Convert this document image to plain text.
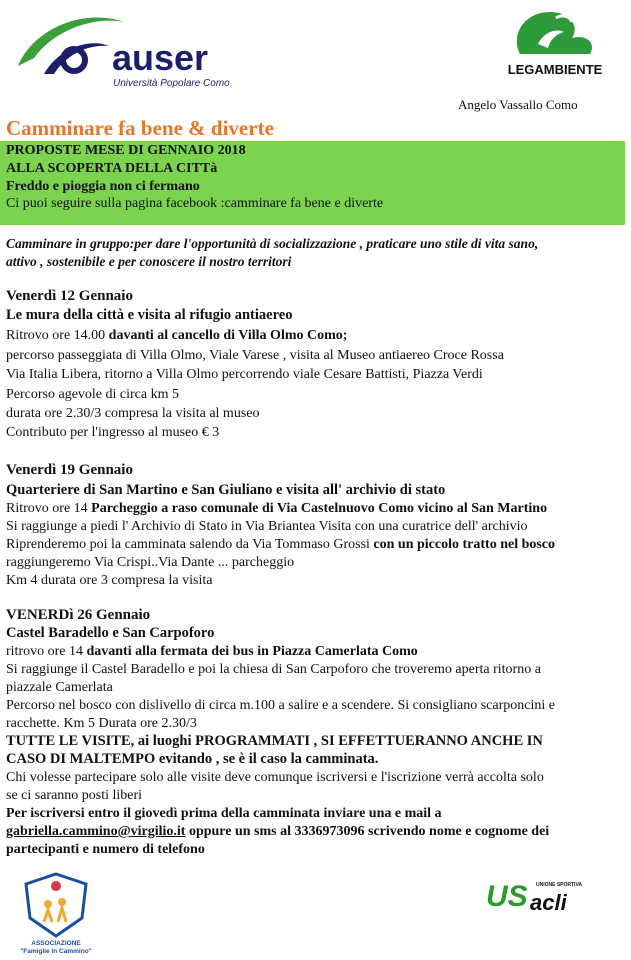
auser
Università Popolare Como
LEGAMBIENTE
Angelo Vassallo Como
Camminare fa bene & diverte
PROPOSTE MESE DI GENNAIO 2018
ALLA SCOPERTA DELLA CITTà
Freddo e pioggia non ci fermano
Ci puoi seguire sulla pagina facebook :camminare fa bene e diverte
Camminare in gruppo:per dare l'opportunità di socializzazione , praticare uno stile di vita sano,
attivo , sostenibile e per conoscere il nostro territori
Venerdì 12 Gennaio
Le mura della città e visita al rifugio antiaereo
Ritrovo ore 14.00 davanti al cancello di Villa Olmo Como;
percorso passeggiata di Villa Olmo, Viale Varese , visita al Museo antiaereo Croce Rossa
Via Italia Libera, ritorno a Villa Olmo percorrendo viale Cesare Battisti, Piazza Verdi
Percorso agevole di circa km 5
durata ore 2.30/3 compresa la visita al museo
Contributo per l'ingresso al museo € 3
Venerdì 19 Gennaio
Quarteriere di San Martino e San Giuliano e visita all' archivio di stato
Ritrovo ore 14 Parcheggio a raso comunale di Via Castelnuovo Como vicino al San Martino
Si raggiunge a piedi l' Archivio di Stato in Via Briantea Visita con una curatrice dell' archivio
Riprenderemo poi la camminata salendo da Via Tommaso Grossi con un piccolo tratto nel bosco
raggiungeremo Via Crispi..Via Dante ... parcheggio
Km 4 durata ore 3 compresa la visita
VENERDì 26 Gennaio
Castel Baradello e San Carpoforo
ritrovo ore 14 davanti alla fermata dei bus in Piazza Camerlata Como
Si raggiunge il Castel Baradello e poi la chiesa di San Carpoforo che troveremo aperta ritorno a
piazzale Camerlata
Percorso nel bosco con dislivello di circa m.100 a salire e a scendere. Si consigliano scarponcini e
racchette. Km 5 Durata ore 2.30/3
TUTTE LE VISITE, ai luoghi PROGRAMMATI , SI EFFETTUERANNO ANCHE IN
CASO DI MALTEMPO evitando , se è il caso la camminata.
Chi volesse partecipare solo alle visite deve comunque iscriversi e l'iscrizione verrà accolta solo
se ci saranno posti liberi
Per iscriversi entro il giovedì prima della camminata inviare una e mail a
gabriella.cammino@virgilio.it oppure un sms al 3336973096 scrivendo nome e cognome dei
partecipanti e numero di telefono
ASSOCIAZIONE
"Famiglie in Cammino"
US UNIONE SPORTIVA
acli
